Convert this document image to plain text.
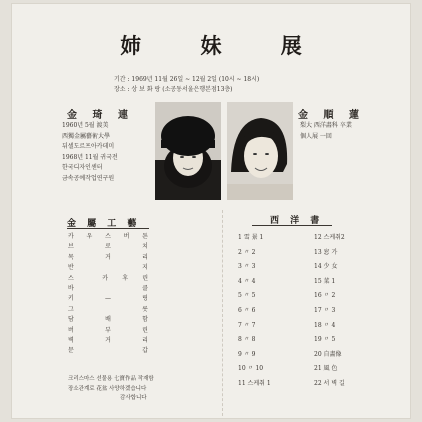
姉 妹 展
기간 : 1969년 11월 26일 ~ 12월 2일 (10시 ~ 18시)
장소 : 상 보 화 랑 (소공동서울은행본점13층)
金 琦 連
1960년 5월 渡美
西獨金屬藝術大學
뒤셀도르프아카데미
1968년 11월 귀국전
한국디자인센터
금속공예작업연구원
金 順 蓮
梨大 西洋畵科 卒業
個人展 一回
金 屬 工 藝
카 우 스 버 튼
브	로	치
목	거	리
반	지
스	카 후 린
바	클
키	—	링
그	릇
담	배	함
버	부	린
벽	거	리
문	갑
크리스마스 선물용 七寶作品 작재함
장소관계로 花盆 사양하겠습니다
감사합니다
西 洋 書
1 雪 景 1	12 스케취2
2 〃 2	13 窓 가
3 〃 3	14 少 女
4 〃 4	15 菜 1
5 〃 5	16 〃 2
6 〃 6	17 〃 3
7 〃 7	18 〃 4
8 〃 8	19 〃 5
9 〃 9	20 自畵像
10 〃 10	21 風 色
11 스케취 1	22 서 벽 길
